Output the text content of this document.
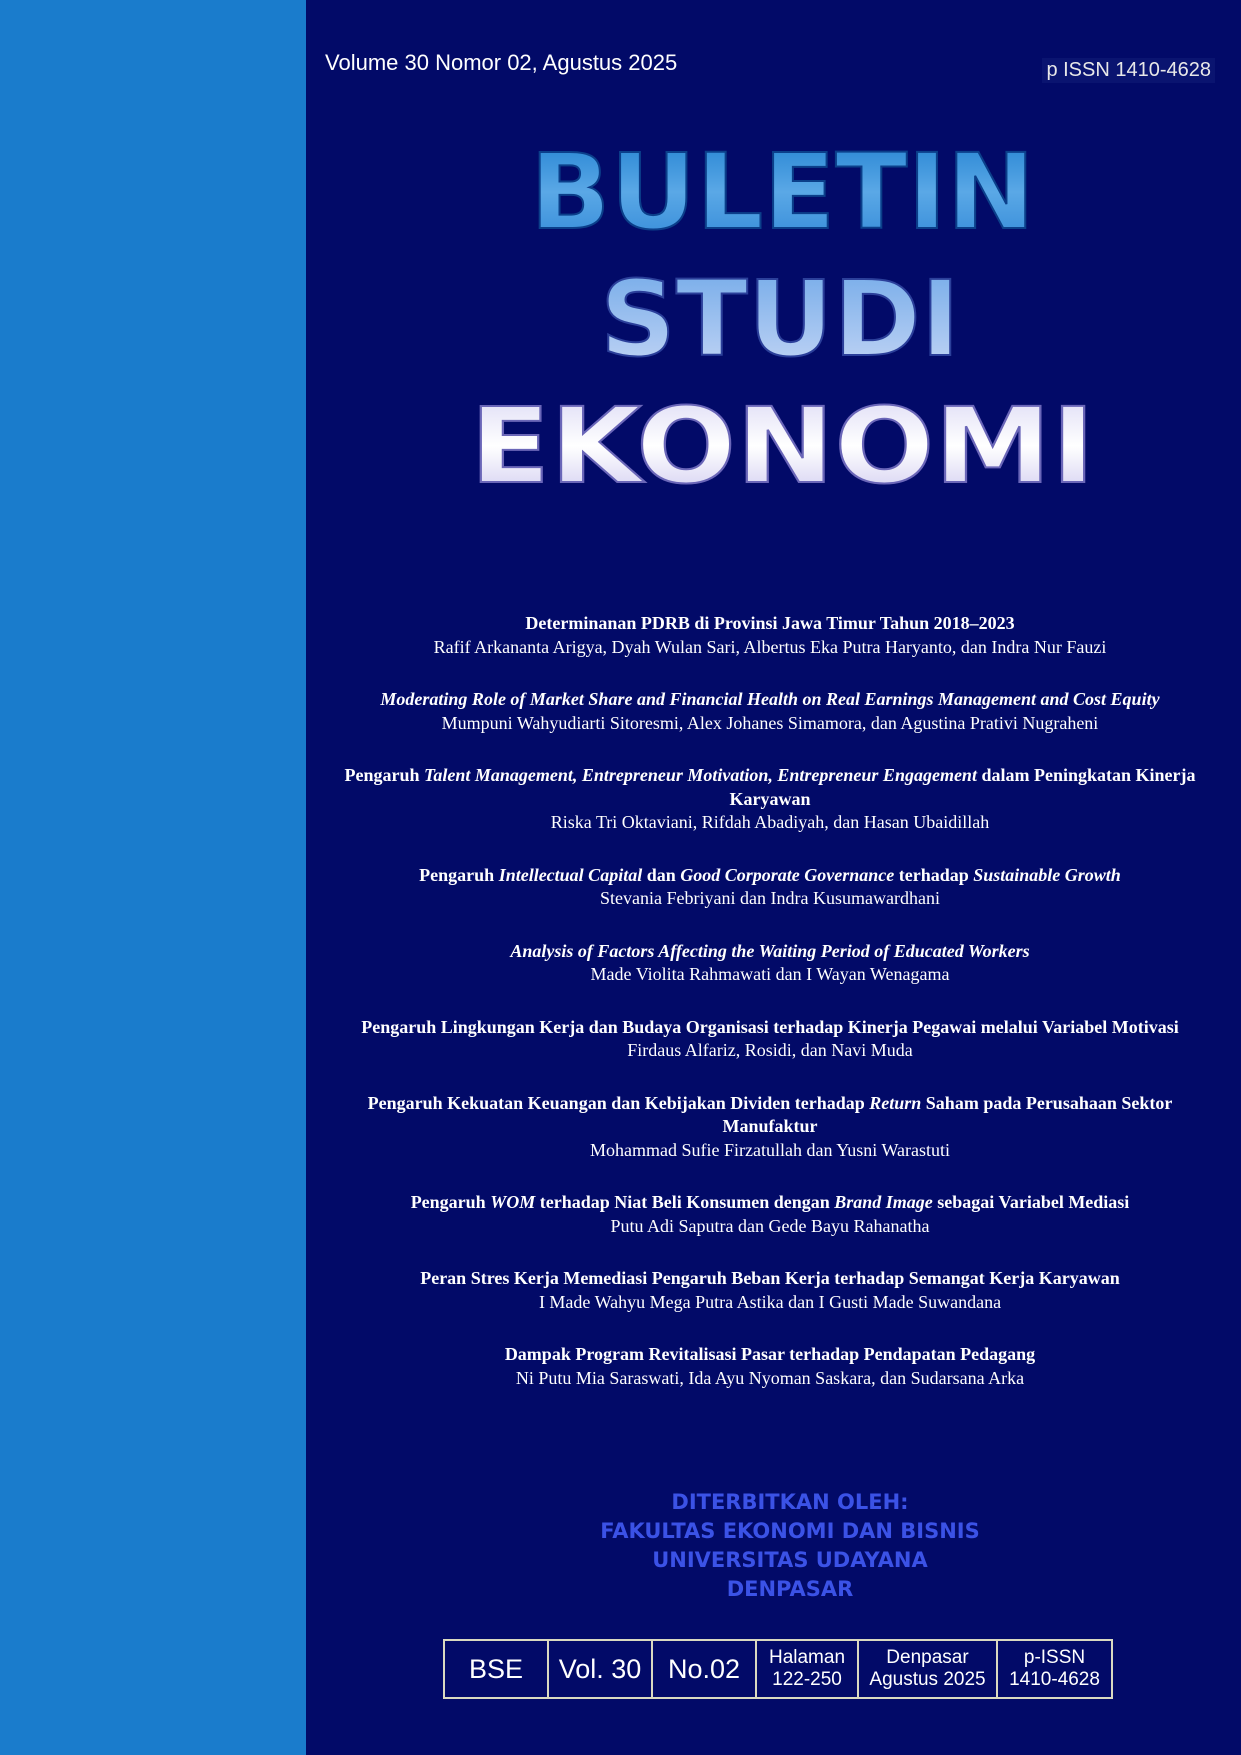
Volume 30 Nomor 02, Agustus 2025	p ISSN 1410-4628
BULETIN
STUDI
EKONOMI
Determinanan PDRB di Provinsi Jawa Timur Tahun 2018–2023
Rafif Arkananta Arigya, Dyah Wulan Sari, Albertus Eka Putra Haryanto, dan Indra Nur Fauzi
Moderating Role of Market Share and Financial Health on Real Earnings Management and Cost Equity
Mumpuni Wahyudiarti Sitoresmi, Alex Johanes Simamora, dan Agustina Prativi Nugraheni
Pengaruh Talent Management, Entrepreneur Motivation, Entrepreneur Engagement dalam Peningkatan Kinerja Karyawan
Riska Tri Oktaviani, Rifdah Abadiyah, dan Hasan Ubaidillah
Pengaruh Intellectual Capital dan Good Corporate Governance terhadap Sustainable Growth
Stevania Febriyani dan Indra Kusumawardhani
Analysis of Factors Affecting the Waiting Period of Educated Workers
Made Violita Rahmawati dan I Wayan Wenagama
Pengaruh Lingkungan Kerja dan Budaya Organisasi terhadap Kinerja Pegawai melalui Variabel Motivasi
Firdaus Alfariz, Rosidi, dan Navi Muda
Pengaruh Kekuatan Keuangan dan Kebijakan Dividen terhadap Return Saham pada Perusahaan Sektor Manufaktur
Mohammad Sufie Firzatullah dan Yusni Warastuti
Pengaruh WOM terhadap Niat Beli Konsumen dengan Brand Image sebagai Variabel Mediasi
Putu Adi Saputra dan Gede Bayu Rahanatha
Peran Stres Kerja Memediasi Pengaruh Beban Kerja terhadap Semangat Kerja Karyawan
I Made Wahyu Mega Putra Astika dan I Gusti Made Suwandana
Dampak Program Revitalisasi Pasar terhadap Pendapatan Pedagang
Ni Putu Mia Saraswati, Ida Ayu Nyoman Saskara, dan Sudarsana Arka
DITERBITKAN OLEH:
FAKULTAS EKONOMI DAN BISNIS
UNIVERSITAS UDAYANA
DENPASAR
BSE Vol. 30 No.02 Halaman
122-250
Denpasar
Agustus 2025
p-ISSN
1410-4628
